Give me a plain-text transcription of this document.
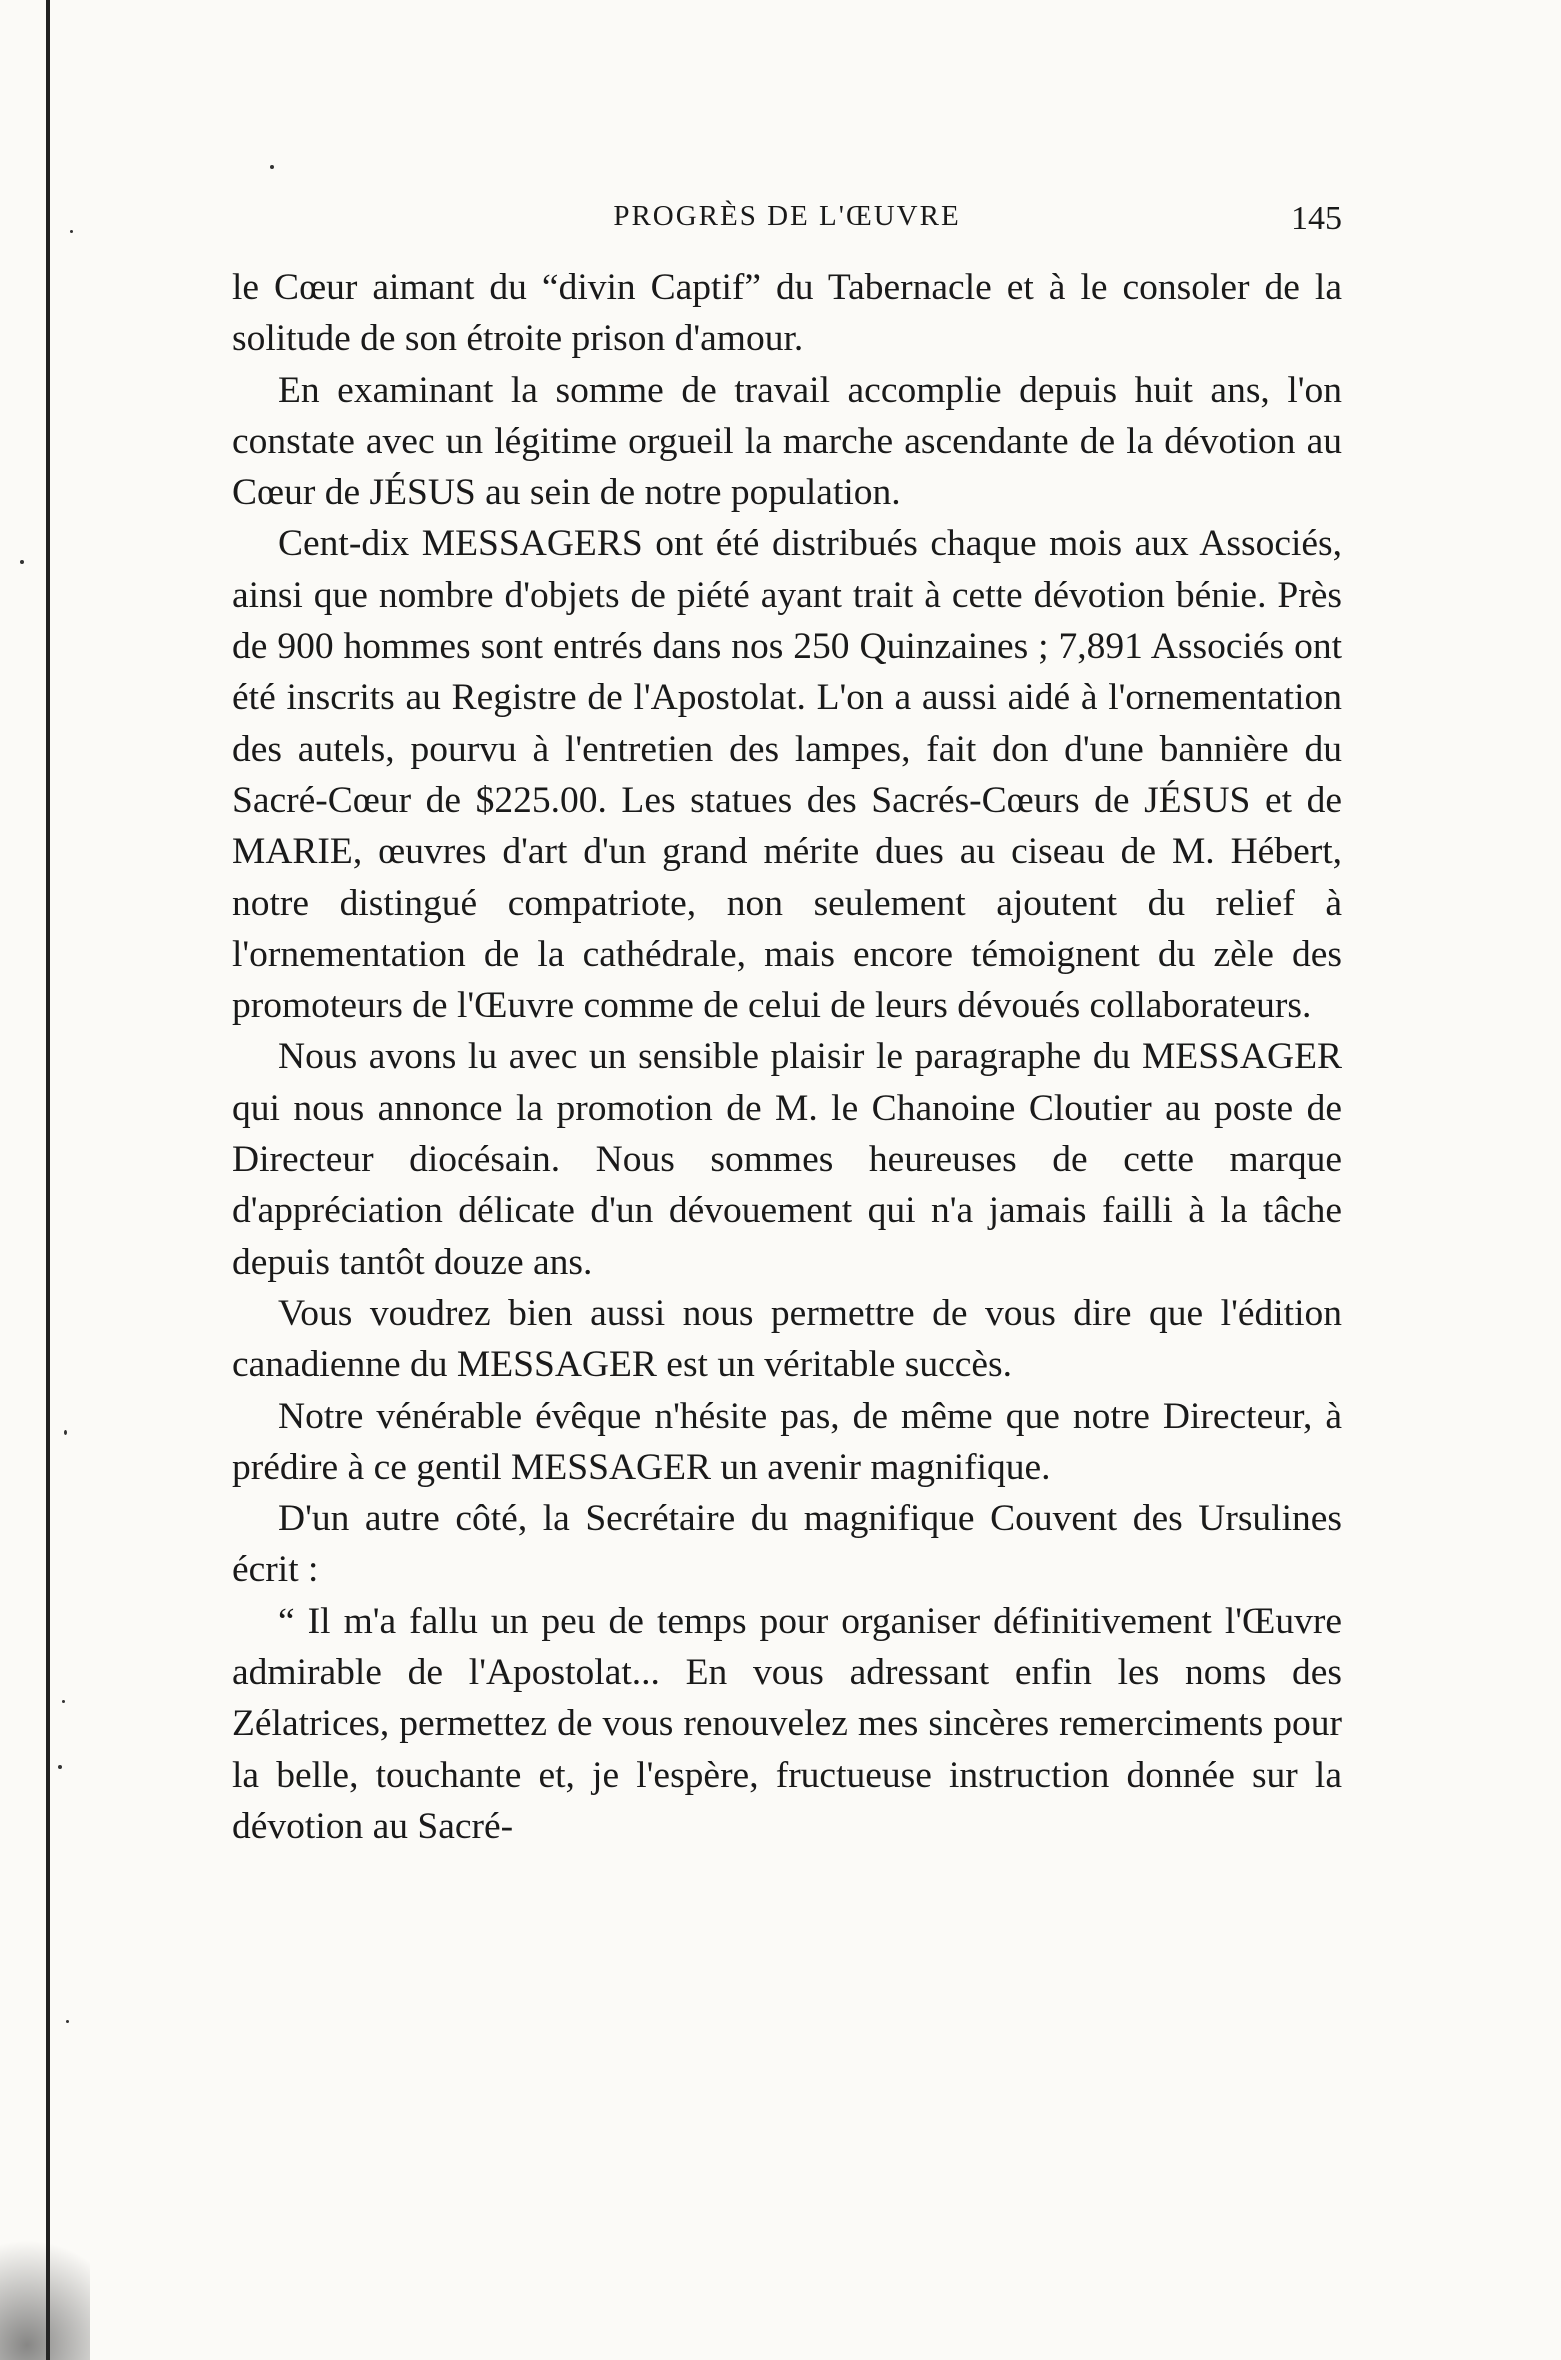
PROGRÈS DE L'ŒUVRE	145

le Cœur aimant du “divin Captif” du Tabernacle et à le consoler de la solitude de son étroite prison d'amour.

En examinant la somme de travail accomplie depuis huit ans, l'on constate avec un légitime orgueil la marche ascendante de la dévotion au Cœur de JÉSUS au sein de notre population.

Cent-dix MESSAGERS ont été distribués chaque mois aux Associés, ainsi que nombre d'objets de piété ayant trait à cette dévotion bénie. Près de 900 hommes sont entrés dans nos 250 Quinzaines ; 7,891 Associés ont été inscrits au Registre de l'Apostolat. L'on a aussi aidé à l'ornementation des autels, pourvu à l'entretien des lampes, fait don d'une bannière du Sacré-Cœur de $225.00. Les statues des Sacrés-Cœurs de JÉSUS et de MARIE, œuvres d'art d'un grand mérite dues au ciseau de M. Hébert, notre distingué compatriote, non seulement ajoutent du relief à l'ornementation de la cathédrale, mais encore témoignent du zèle des promoteurs de l'Œuvre comme de celui de leurs dévoués collaborateurs.

Nous avons lu avec un sensible plaisir le paragraphe du MESSAGER qui nous annonce la promotion de M. le Chanoine Cloutier au poste de Directeur diocésain. Nous sommes heureuses de cette marque d'appréciation délicate d'un dévouement qui n'a jamais failli à la tâche depuis tantôt douze ans.

Vous voudrez bien aussi nous permettre de vous dire que l'édition canadienne du MESSAGER est un véritable succès.

Notre vénérable évêque n'hésite pas, de même que notre Directeur, à prédire à ce gentil MESSAGER un avenir magnifique.

D'un autre côté, la Secrétaire du magnifique Couvent des Ursulines écrit :

“ Il m'a fallu un peu de temps pour organiser définitivement l'Œuvre admirable de l'Apostolat... En vous adressant enfin les noms des Zélatrices, permettez de vous renouvelez mes sincères remerciments pour la belle, touchante et, je l'espère, fructueuse instruction donnée sur la dévotion au Sacré-
